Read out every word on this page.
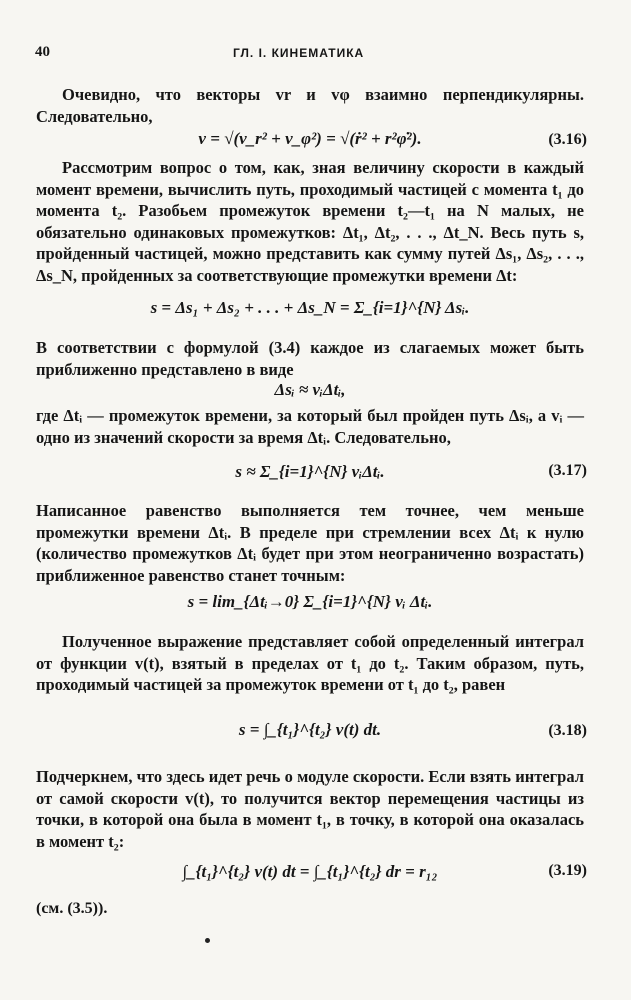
40	ГЛ. I. КИНЕМАТИКА

Очевидно, что векторы vr и vφ взаимно перпендикулярны. Следовательно,

v = √(v_r² + v_φ²) = √(ṙ² + r²φ̇²).	(3.16)

Рассмотрим вопрос о том, как, зная величину скорости в каждый момент времени, вычислить путь, проходимый частицей с момента t₁ до момента t₂. Разобьем промежуток времени t₂—t₁ на N малых, не обязательно одинаковых промежутков: Δt₁, Δt₂, . . ., Δt_N. Весь путь s, пройденный частицей, можно представить как сумму путей Δs₁, Δs₂, . . ., Δs_N, пройденных за соответствующие промежутки времени Δt:

s = Δs₁ + Δs₂ + . . . + Δs_N = Σ_{i=1}^{N} Δsᵢ.

В соответствии с формулой (3.4) каждое из слагаемых может быть приближенно представлено в виде

Δsᵢ ≈ vᵢΔtᵢ,

где Δtᵢ — промежуток времени, за который был пройден путь Δsᵢ, а vᵢ — одно из значений скорости за время Δtᵢ. Следовательно,

s ≈ Σ_{i=1}^{N} vᵢΔtᵢ.	(3.17)

Написанное равенство выполняется тем точнее, чем меньше промежутки времени Δtᵢ. В пределе при стремлении всех Δtᵢ к нулю (количество промежутков Δtᵢ будет при этом неограниченно возрастать) приближенное равенство станет точным:

s = lim_{Δtᵢ→0} Σ_{i=1}^{N} vᵢ Δtᵢ.

Полученное выражение представляет собой определенный интеграл от функции v(t), взятый в пределах от t₁ до t₂. Таким образом, путь, проходимый частицей за промежуток времени от t₁ до t₂, равен

s = ∫_{t₁}^{t₂} v(t) dt.	(3.18)

Подчеркнем, что здесь идет речь о модуле скорости. Если взять интеграл от самой скорости v(t), то получится вектор перемещения частицы из точки, в которой она была в момент t₁, в точку, в которой она оказалась в момент t₂:

∫_{t₁}^{t₂} v(t) dt = ∫_{t₁}^{t₂} dr = r₁₂	(3.19)
(см. (3.5)).
